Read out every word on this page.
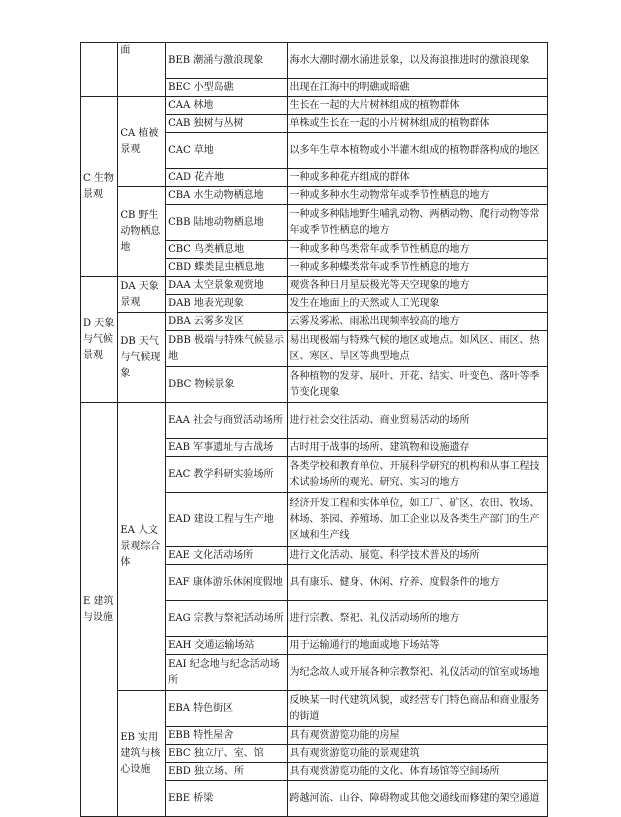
	面	BEB 潮涌与激浪现象	海水大潮时潮水涌进景象，以及海浪推进时的激浪现象
		BEC 小型岛礁	出现在江海中的明礁或暗礁
C 生物景观	CA 植被景观	CAA 林地	生长在一起的大片树林组成的植物群体
		CAB 独树与丛树	单株或生长在一起的小片树林组成的植物群体
		CAC 草地	以多年生草本植物或小半灌木组成的植物群落构成的地区
		CAD 花卉地	一种或多种花卉组成的群体
	CB 野生动物栖息地	CBA 水生动物栖息地	一种或多种水生动物常年或季节性栖息的地方
		CBB 陆地动物栖息地	一种或多种陆地野生哺乳动物、两栖动物、爬行动物等常年或季节性栖息的地方
		CBC 鸟类栖息地	一种或多种鸟类常年或季节性栖息的地方
		CBD 蝶类昆虫栖息地	一种或多种蝶类常年或季节性栖息的地方
D 天象与气候景观	DA 天象景观	DAA 太空景象观赏地	观赏各种日月星辰极光等天空现象的地方
		DAB 地表光现象	发生在地面上的天然或人工光现象
	DB 天气与气候现象	DBA 云雾多发区	云雾及雾凇、雨凇出现频率较高的地方
		DBB 极端与特殊气候显示地	易出现极端与特殊气候的地区或地点。如风区、雨区、热区、寒区、旱区等典型地点
		DBC 物候景象	各种植物的发芽、展叶、开花、结实、叶变色、落叶等季节变化现象
E 建筑与设施	EA 人文景观综合体	EAA 社会与商贸活动场所	进行社会交往活动、商业贸易活动的场所
		EAB 军事遗址与古战场	古时用于战事的场所、建筑物和设施遗存
		EAC 教学科研实验场所	各类学校和教育单位、开展科学研究的机构和从事工程技术试验场所的观光、研究、实习的地方
		EAD 建设工程与生产地	经济开发工程和实体单位，如工厂、矿区、农田、牧场、林场、茶园、养殖场、加工企业以及各类生产部门的生产区域和生产线
		EAE 文化活动场所	进行文化活动、展览、科学技术普及的场所
		EAF 康体游乐休闲度假地	具有康乐、健身、休闲、疗养、度假条件的地方
		EAG 宗教与祭祀活动场所	进行宗教、祭祀、礼仪活动场所的地方
		EAH 交通运输场站	用于运输通行的地面或地下场站等
		EAI 纪念地与纪念活动场所	为纪念故人或开展各种宗教祭祀、礼仪活动的馆室或场地
	EB 实用建筑与核心设施	EBA 特色街区	反映某一时代建筑风貌，或经营专门特色商品和商业服务的街道
		EBB 特性屋舍	具有观赏游览功能的房屋
		EBC 独立厅、室、馆	具有观赏游览功能的景观建筑
		EBD 独立场、所	具有观赏游览功能的文化、体育场馆等空间场所
		EBE 桥梁	跨越河流、山谷、障碍物或其他交通线而修建的架空通道
